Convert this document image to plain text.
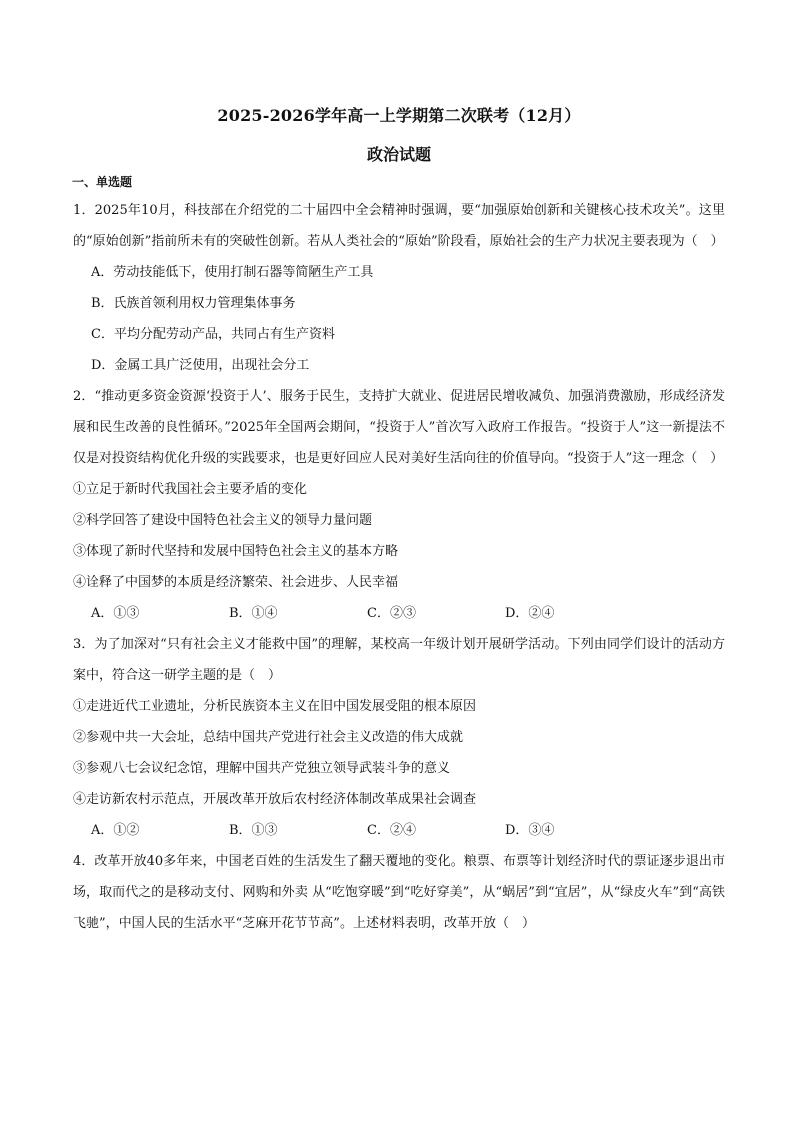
2025-2026学年高一上学期第二次联考（12月）
政治试题
一、单选题

1．2025年10月，科技部在介绍党的二十届四中全会精神时强调，要“加强原始创新和关键核心技术攻关”。这里的“原始创新”指前所未有的突破性创新。若从人类社会的“原始”阶段看，原始社会的生产力状况主要表现为（　）

A．劳动技能低下，使用打制石器等简陋生产工具

B．氏族首领利用权力管理集体事务

C．平均分配劳动产品，共同占有生产资料

D．金属工具广泛使用，出现社会分工

2．“推动更多资金资源‘投资于人’、服务于民生，支持扩大就业、促进居民增收减负、加强消费激励，形成经济发展和民生改善的良性循环。”2025年全国两会期间，“投资于人”首次写入政府工作报告。“投资于人”这一新提法不仅是对投资结构优化升级的实践要求，也是更好回应人民对美好生活向往的价值导向。“投资于人”这一理念（　）

①立足于新时代我国社会主要矛盾的变化

②科学回答了建设中国特色社会主义的领导力量问题

③体现了新时代坚持和发展中国特色社会主义的基本方略

④诠释了中国梦的本质是经济繁荣、社会进步、人民幸福

A．①③	B．①④	C．②③	D．②④

3．为了加深对“只有社会主义才能救中国”的理解，某校高一年级计划开展研学活动。下列由同学们设计的活动方案中，符合这一研学主题的是（　）

①走进近代工业遗址，分析民族资本主义在旧中国发展受阻的根本原因

②参观中共一大会址，总结中国共产党进行社会主义改造的伟大成就

③参观八七会议纪念馆，理解中国共产党独立领导武装斗争的意义

④走访新农村示范点，开展改革开放后农村经济体制改革成果社会调查

A．①②	B．①③	C．②④	D．③④

4．改革开放40多年来，中国老百姓的生活发生了翻天覆地的变化。粮票、布票等计划经济时代的票证逐步退出市场，取而代之的是移动支付、网购和外卖 从“吃饱穿暖”到“吃好穿美”，从“蜗居”到“宜居”，从“绿皮火车”到“高铁飞驰”，中国人民的生活水平“芝麻开花节节高”。上述材料表明，改革开放（　）
